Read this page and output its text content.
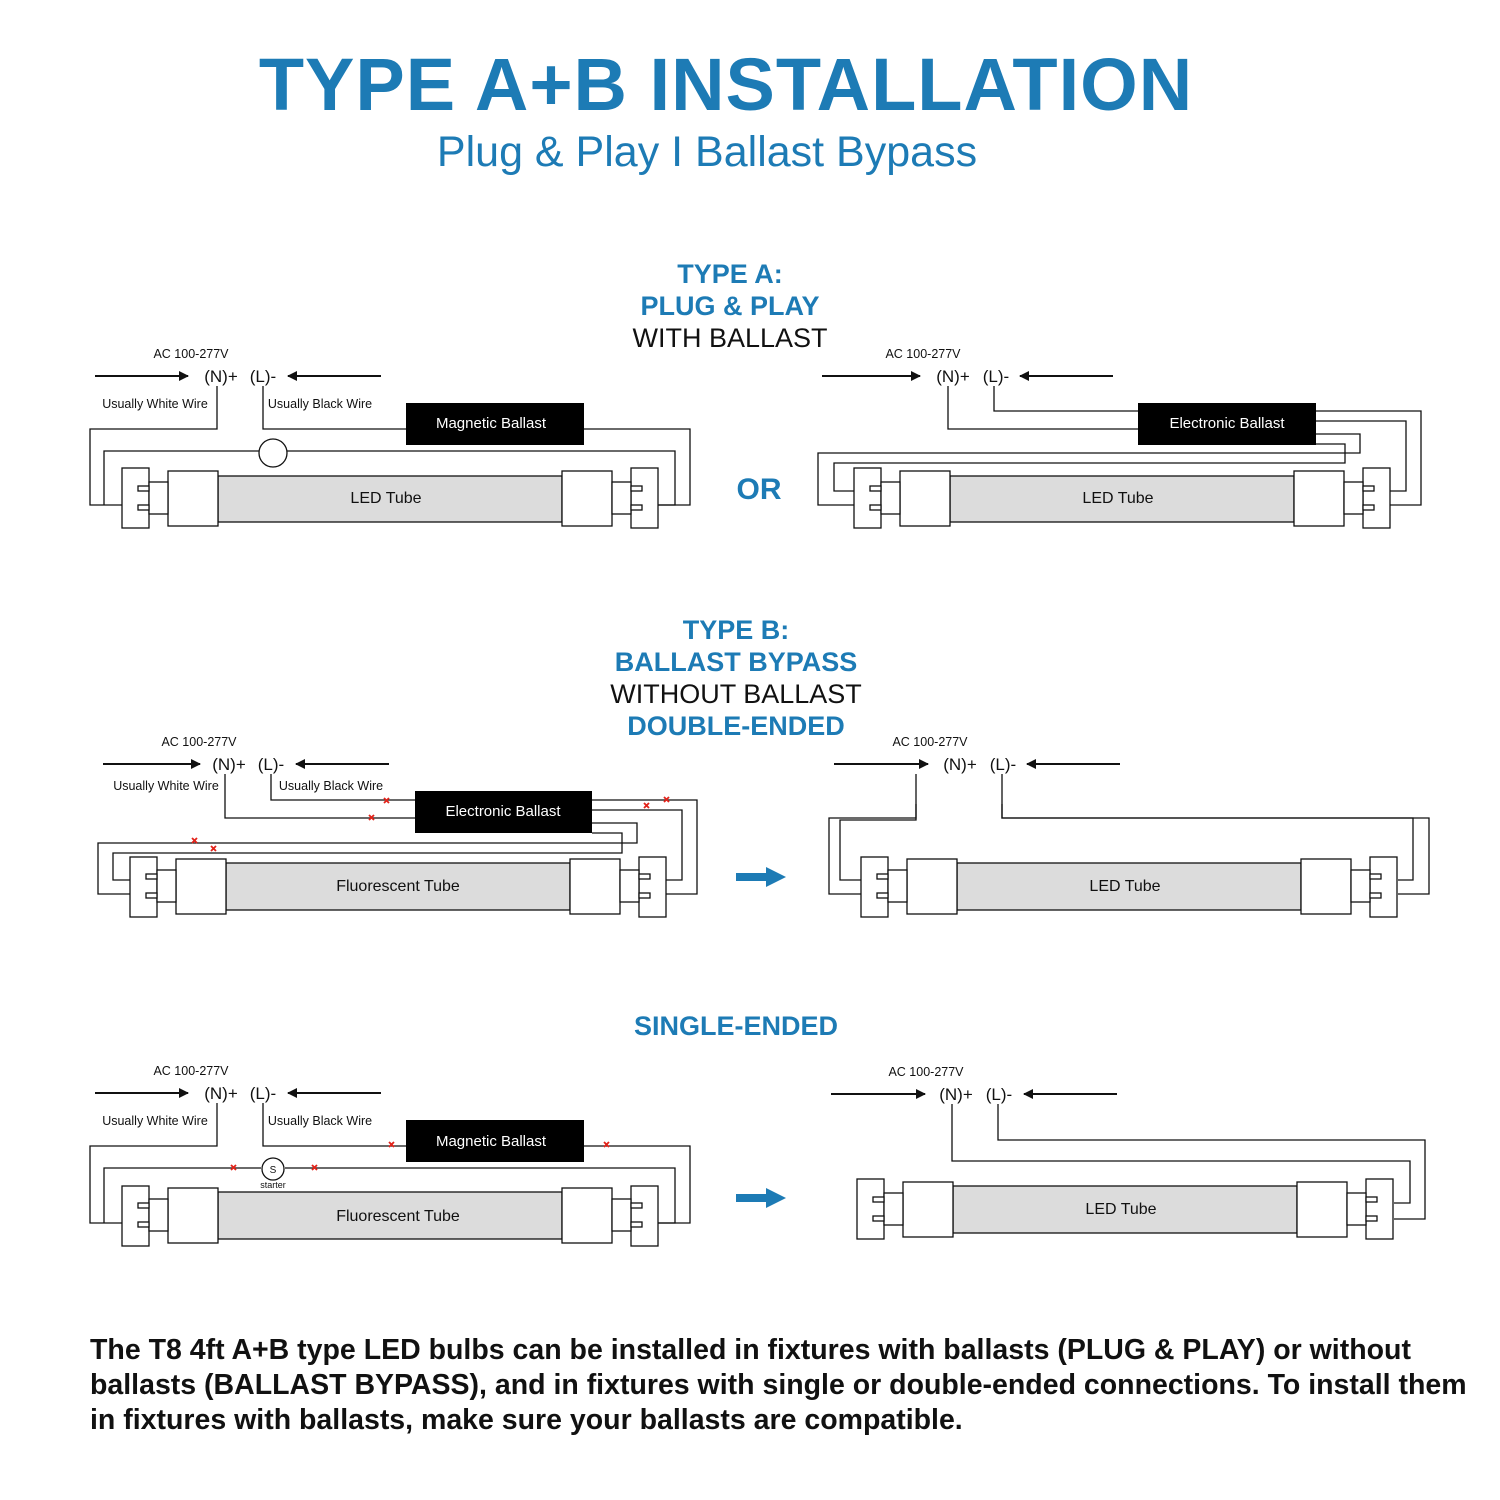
TYPE A+B INSTALLATION
Plug & Play I Ballast Bypass
TYPE A:
PLUG & PLAY
WITH BALLAST
TYPE B:
BALLAST BYPASS
WITHOUT BALLAST
DOUBLE-ENDED
SINGLE-ENDED
The T8 4ft A+B type LED bulbs can be installed in fixtures with ballasts (PLUG & PLAY) or without ballasts (BALLAST BYPASS), and in fixtures with single or double-ended connections. To install them in fixtures with ballasts, make sure your ballasts are compatible.
OR
AC 100-277V
(N)+ (L)-
Usually White Wire	Usually Black Wire
Magnetic Ballast
LED Tube
AC 100-277V
(N)+ (L)-
Electronic Ballast
LED Tube
AC 100-277V
(N)+ (L)-
Usually White Wire	Usually Black Wire
Electronic Ballast
Fluorescent Tube
AC 100-277V
(N)+ (L)-
LED Tube
AC 100-277V
(N)+ (L)-
Usually White Wire	Usually Black Wire
Magnetic Ballast
S
starter
Fluorescent Tube
AC 100-277V
(N)+ (L)-
LED Tube
